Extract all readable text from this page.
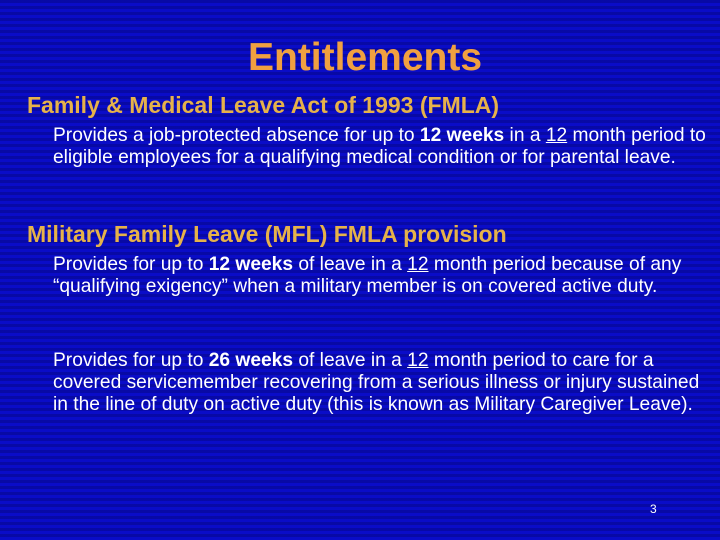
Entitlements
Family & Medical Leave Act of 1993 (FMLA)
Provides a job-protected absence for up to 12 weeks in a 12 month period to eligible employees for a qualifying medical condition or for parental leave.
Military Family Leave (MFL) FMLA provision
Provides for up to 12 weeks of leave in a 12 month period because of any “qualifying exigency” when a military member is on covered active duty.
Provides for up to 26 weeks of leave in a 12 month period to care for a covered servicemember recovering from a serious illness or injury sustained in the line of duty on active duty (this is known as Military Caregiver Leave).
3
